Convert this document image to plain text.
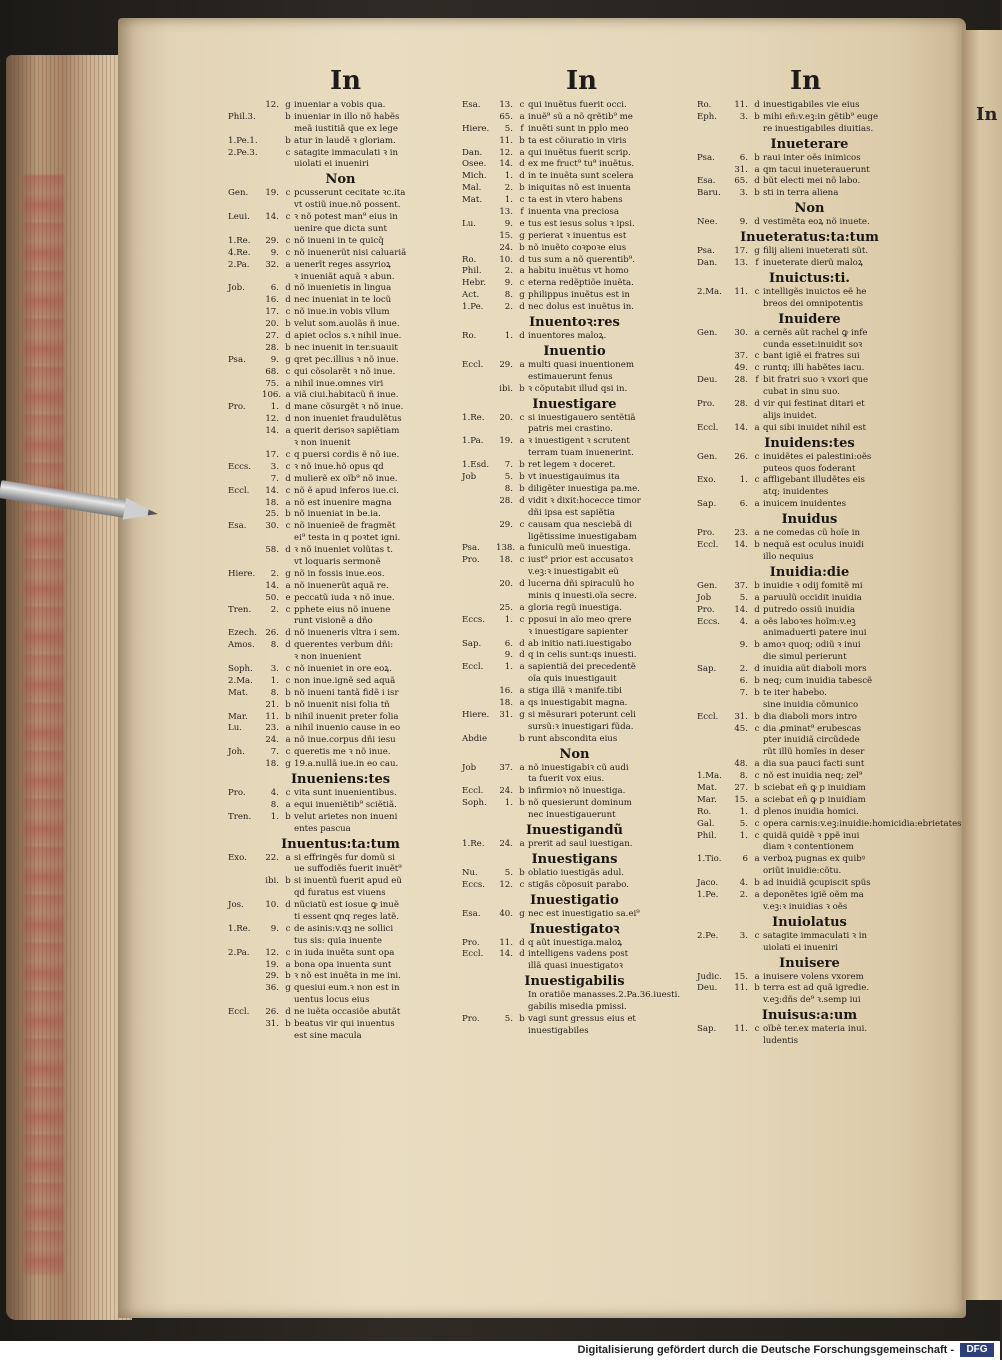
In
In	In	In
12. g inueniar a vobis qua.
Phil.3.	b inueniar in illo nõ habẽs
meã iustitiã que ex lege
1.Pe.1.	b atur in laudẽ ꝛ gloriam.
2.Pe.3.	c satagite immaculati ꝛ in
uiolati ei inueniri
Non
Gen.	19. c pcusserunt cecitate ꝛc.ita
vt ostiũ inue.nõ possent.
Leui.	14. c ꝛ nõ potest man⁹ eius in
uenire que dicta sunt
1.Re.	29. c nõ inueni in te quicq̃
4.Re.	9. c nõ inuenerũt nisi caluariã
2.Pa.	32. a uenerĩt reges assyrioꝝ
ꝛ inueniãt aquã ꝛ abun.
Job.	6. d nõ inuenietis in lingua
16. d nec inueniat in te locũ
17. c nõ inue.in vobis vllum
20. b velut som.auolãs ñ inue.
27. d apiet oclos s.ꝛ nihil inue.
28. b nec inuenit in ter.suauit
Psa.	9. g qret pec.illius ꝛ nõ inue.
68. c qui cõsolarẽt ꝛ nõ inue.
75. a nihil inue.omnes viri
106. a viã ciui.habitacũ ñ inue.
Pro.	1. d mane cõsurgẽt ꝛ nõ inue.
12. d non inueniet fraudulẽtus
14. a querit derisoꝛ sapiẽtiam
ꝛ non inuenit
17. c q puersi cordis ẽ nõ iue.
Eccs.	3. c ꝛ nõ inue.hõ opus qd
7. d mulierẽ ex oĩb⁹ nõ inue.
Eccl.	14. c nõ ẽ apud inferos iue.ci.
18. a nõ est inuenire magna
25. b nõ inueniat in be.ia.
Esa.	30. c nõ inuenieẽ de fragmẽt
ei⁹ testa in q poꝛtet igni.
58. d ꝛ nõ inueniet volũtas t.
vt loquaris sermonẽ
Hiere.	2. g nõ in fossis inue.eos.
14. a nõ inuenerũt aquã re.
50. e peccatũ iuda ꝛ nõ inue.
Tren.	2. c pphete eius nõ inuene
runt visionẽ a dño
Ezech. 26. d nõ inueneris vltra i sem.
Amos.	8. d querentes verbum dñi:
ꝛ non inuenient
Soph.	3. c nõ inueniet in ore eoꝝ.
2.Ma.	1. c non inue.ignẽ sed aquã
Mat.	8. b nõ inueni tantã fidẽ i isr
21. b nõ inuenit nisi folia tñ
Mar.	11. b nihil inuenit preter folia
Lu.	23. a nihil inuenio cause in eo
24. a nõ inue.corpus dñi iesu
Joh.	7. c queretis me ꝛ nõ inue.
18. g 19.a.nullã iue.in eo cau.
Inueniens:tes
Pro.	4. c vita sunt inuenientibus.
8. a equi inueniẽtib⁹ sciẽtiã.
Tren.	1. b velut arietes non inueni
entes pascua
Inuentus:ta:tum
Exo.	22. a si effringẽs fur domũ si
ue suffodiẽs fuerit inuẽt⁹
ibi. b si inuentũ fuerit apud eũ
qd furatus est viuens
Jos.	10. d nũciatũ est iosue ꝙ inuẽ
ti essent qnq reges latẽ.
1.Re.	9. c de asinis:v.qꝫ ne sollici
tus sis: quia inuente
2.Pa.	12. c in iuda inuẽta sunt opa
19. a bona opa inuenta sunt
29. b ꝛ nõ est inuẽta in me ini.
36. g quesiui eum.ꝛ non est in
uentus locus eius
Eccl.	26. d ne iuẽta occasiõe abutãt
31. b beatus vir qui inuentus
est sine macula
Esa.	13. c qui inuẽtus fuerit occi.
65. a inuẽ⁹ sũ a nõ qrẽtib⁹ me
Hiere.	5. f inuẽti sunt in pplo meo
11. b ta est cõiuratio in viris
Dan.	12. a qui inuẽtus fuerit scrip.
Osee.	14. d ex me fruct⁹ tu⁹ inuẽtus.
Mich.	1. d in te inuẽta sunt scelera
Mal.	2. b iniquitas nõ est inuenta
Mat.	1. c ta est in vtero habens
13. f inuenta vna preciosa
Lu.	9. e tus est iesus solus ꝛ ipsi.
15. g perierat ꝛ inuentus est
24. b nõ inuẽto coꝛpoꝛe eius
Ro.	10. d tus sum a nõ querentib⁹.
Phil.	2. a habitu inuẽtus vt homo
Hebr.	9. c eterna redẽptiõe inuẽta.
Act.	8. g philippus inuẽtus est in
1.Pe.	2. d nec dolus est inuẽtus in.
Inuentoꝛ:res
Ro.	1. d inuentores maloꝝ.
Inuentio
Eccl.	29. a multi quasi inuentionem
estimauerunt fenus
ibi. b ꝛ cõputabit illud qsi in.
Inuestigare
1.Re.	20. c si inuestigauero sentẽtiã
patris mei crastino.
1.Pa.	19. a ꝛ inuestigent ꝛ scrutent
terram tuam inuenerint.
1.Esd.	7. b ret legem ꝛ doceret.
Job	5. b vt inuestigauimus ita
8. b diligẽter inuestiga pa.me.
28. d vidit ꝛ dixit:hocecce timor
dñi ipsa est sapiẽtia
29. c causam qua nesciebã di
ligẽtissime inuestigabam
Psa.	138. a funiculũ meũ inuestiga.
Pro.	18. c iust⁹ prior est accusatoꝛ
v.eꝫ:ꝛ inuestigabit eũ
20. d lucerna dñi spiraculũ ho
minis q inuesti.oĩa secre.
25. a gloria regũ inuestiga.
Eccs.	1. c pposui in aĩo meo qrere
ꝛ inuestigare sapienter
Sap.	6. d ab initio nati.iuestigabo
9. d q in celis sunt:qs inuesti.
Eccl.	1. a sapientiã dei precedentẽ
oĩa quis inuestigauit
16. a stiga illã ꝛ manife.tibi
18. a qs inuestigabit magna.
Hiere.	31. g si mẽsurari poterunt celi
sursũ:ꝛ inuestigari fũda.
Abdie	b runt abscondita eius
Non
Job	37. a nõ inuestigabiꝛ cũ audi
ta fuerit vox eius.
Eccl.	24. b infirmioꝛ nõ inuestiga.
Soph.	1. b nõ quesierunt dominum
nec inuestigauerunt
Inuestigandũ
1.Re.	24. a prerit ad saul iuestigan.
Inuestigans
Nu.	5. b oblatio iuestigãs adul.
Eccs.	12. c stigãs cõposuit parabo.
Inuestigatio
Esa.	40. g nec est inuestigatio sa.ei⁹
Inuestigatoꝛ
Pro.	11. d q aũt inuestiga.maloꝝ
Eccl.	14. d intelligens vadens post
illã quasi inuestigatoꝛ
Inuestigabilis
In oratiõe manasses.2.Pa.36.iuesti.
gabilis misedia pmissi.
Pro.	5. b vagi sunt gressus eius et
inuestigabiles
Ro.	11. d inuestigabiles vie eius
Eph.	3. b mihi eñ:v.eꝫ:in gẽtib⁹ euge
re inuestigabiles diuitias.
Inueterare
Psa.	6. b raui inter oẽs inimicos
31. a qm tacui inueterauerunt
Esa.	65. d bũt electi mei nõ labo.
Baru.	3. b sti in terra aliena
Non
Nee.	9. d vestimẽta eoꝝ nõ inuete.
Inueteratus:ta:tum
Psa.	17. g filij alieni inueterati sũt.
Dan.	13. f inueterate dierũ maloꝝ
Inuictus:ti.
2.Ma.	11. c intelligẽs inuictos eẽ he
breos dei omnipotentis
Inuidere
Gen.	30. a cernẽs aũt rachel ꝙ infe
cunda esset:inuidit soꝛ
37. c bant igiẽ ei fratres sui
49. c runtq; illi habẽtes iacu.
Deu.	28. f bit fratri suo ꝛ vxori que
cubat in sinu suo.
Pro.	28. d vir qui festinat ditari et
alijs inuidet.
Eccl.	14. a qui sibi inuidet nihil est
Inuidens:tes
Gen.	26. c inuidẽtes ei palestini:oẽs
puteos quos foderant
Exo.	1. c affligebant illudẽtes eis
atq; inuidentes
Sap.	6. a inuicem inuidentes
Inuidus
Pro.	23. a ne comedas cũ hoĩe in
Eccl.	14. b nequã est oculus inuidi
illo nequius
Inuidia:die
Gen.	37. b inuidie ꝛ odij fomitẽ mi
Job	5. a paruulũ occidit inuidia
Pro.	14. d putredo ossiũ inuidia
Eccs.	4. a oẽs laboꝛes hoĩm:v.eꝫ
animaduerti patere inui
9. b amoꝛ quoq; odiũ ꝛ inui
die simul perierunt
Sap.	2. d inuidia aũt diaboli mors
6. b neq; cum inuidia tabescẽ
7. b te iter habebo.
sine inuidia cõmunico
Eccl.	31. b dia diaboli mors intro
45. c dia ꝓminat⁹ erubescas
pter inuidiã circũdede
rũt illũ homĩes in deser
48. a dia sua pauci facti sunt
1.Ma.	8. c nõ est inuidia neq; zel⁹
Mat.	27. b sciebat eñ ꝙ p inuidiam
Mar.	15. a sciebat eñ ꝙ p inuidiam
Ro.	1. d plenos inuidia homici.
Gal.	5. c opera carnis:v.eꝫ:inuidie:homicidia:ebrietates
Phil.	1. c quidã quidẽ ꝛ ppẽ inui
diam ꝛ contentionem
1.Tio.	6 a verboꝝ pugnas ex quibꝰ
oriũt inuidie:cõtu.
Jaco.	4. b ad inuidiã ꝯcupiscit spũs
1.Pe.	2. a deponẽtes igiẽ oẽm ma
v.eꝫ:ꝛ inuidias ꝛ oẽs
Inuiolatus
2.Pe.	3. c satagite immaculati ꝛ in
uiolati ei inueniri
Inuisere
Judic.	15. a inuisere volens vxorem
Deu.	11. b terra est ad quã igredie.
v.eꝫ:dñs de⁹ ꝛ.semp iui
Inuisus:a:um
Sap.	11. c oĩbẽ ter.ex materia inui.
ludentis
Digitalisierung gefördert durch die Deutsche Forschungsgemeinschaft -	DFG
